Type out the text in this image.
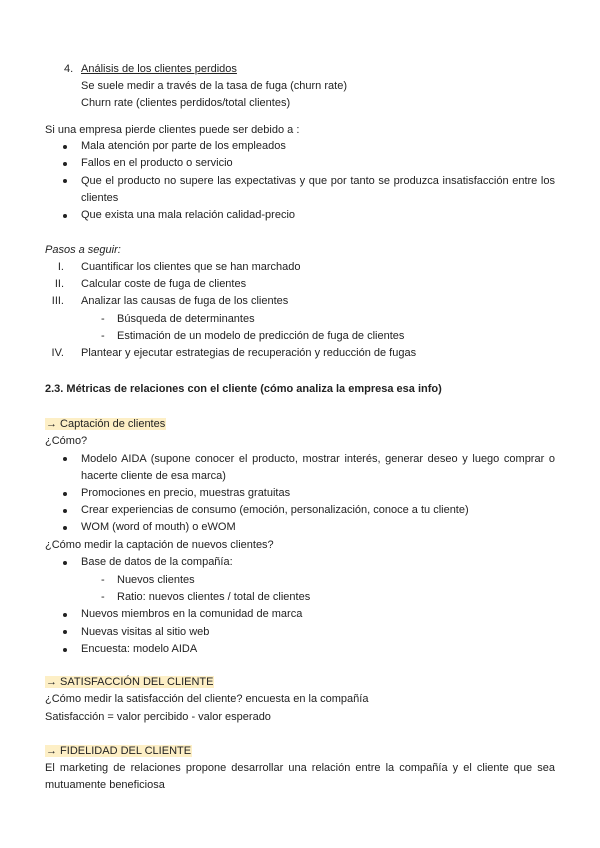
4. Análisis de los clientes perdidos
Se suele medir a través de la tasa de fuga (churn rate)
Churn rate (clientes perdidos/total clientes)
Si una empresa pierde clientes puede ser debido a :
Mala atención por parte de los empleados
Fallos en el producto o servicio
Que el producto no supere las expectativas y que por tanto se produzca insatisfacción entre los
clientes
Que exista una mala relación calidad-precio
Pasos a seguir:
I. Cuantificar los clientes que se han marchado
II. Calcular coste de fuga de clientes
III. Analizar las causas de fuga de los clientes
- Búsqueda de determinantes
- Estimación de un modelo de predicción de fuga de clientes
IV. Plantear y ejecutar estrategias de recuperación y reducción de fugas
2.3. Métricas de relaciones con el cliente (cómo analiza la empresa esa info)
→ Captación de clientes
¿Cómo?
Modelo AIDA (supone conocer el producto, mostrar interés, generar deseo y luego comprar o
hacerte cliente de esa marca)
Promociones en precio, muestras gratuitas
Crear experiencias de consumo (emoción, personalización, conoce a tu cliente)
WOM (word of mouth) o eWOM
¿Cómo medir la captación de nuevos clientes?
Base de datos de la compañía:
- Nuevos clientes
- Ratio: nuevos clientes / total de clientes
Nuevos miembros en la comunidad de marca
Nuevas visitas al sitio web
Encuesta: modelo AIDA
→ SATISFACCIÓN DEL CLIENTE
¿Cómo medir la satisfacción del cliente? encuesta en la compañía
Satisfacción = valor percibido - valor esperado
→ FIDELIDAD DEL CLIENTE
El marketing de relaciones propone desarrollar una relación entre la compañía y el cliente que sea
mutuamente beneficiosa
